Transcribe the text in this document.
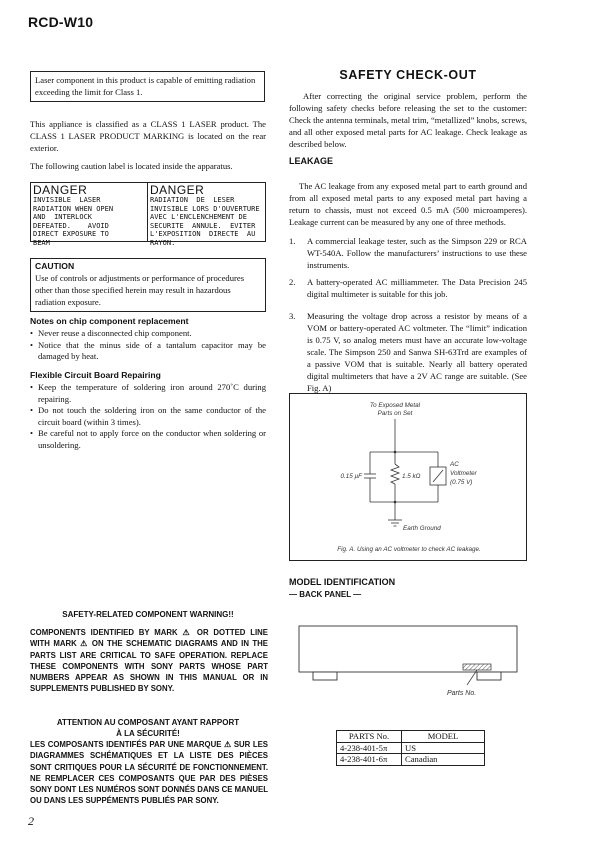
RCD-W10

Laser component in this product is capable of emitting radiation exceeding the limit for Class 1.

This appliance is classified as a CLASS 1 LASER product. The CLASS 1 LASER PRODUCT MARKING is located on the rear exterior.

The following caution label is located inside the apparatus.

DANGER
INVISIBLE  LASER
RADIATION WHEN OPEN
AND  INTERLOCK
DEFEATED.    AVOID
DIRECT EXPOSURE TO
BEAM
DANGER
RADIATION  DE  LESER
INVISIBLE LORS D'OUVERTURE
AVEC L'ENCLENCHEMENT DE
SECURITE  ANNULE.  EVITER
L'EXPOSITION  DIRECTE  AU
RAYON.
CAUTION

Use of controls or adjustments or performance of procedures other than those specified herein may result in hazardous radiation exposure.

Notes on chip component replacement
• Never reuse a disconnected chip component.
• Notice that the minus side of a tantalum capacitor may be damaged by heat.
Flexible Circuit Board Repairing
• Keep the temperature of soldering iron around 270˚C during repairing.
• Do not touch the soldering iron on the same conductor of the circuit board (within 3 times).
• Be careful not to apply force on the conductor when soldering or unsoldering.
SAFETY-RELATED COMPONENT WARNING!!

COMPONENTS IDENTIFIED BY MARK ⚠ OR DOTTED LINE WITH MARK ⚠ ON THE SCHEMATIC DIAGRAMS AND IN THE PARTS LIST ARE CRITICAL TO SAFE OPERATION. REPLACE THESE COMPONENTS WITH SONY PARTS WHOSE PART NUMBERS APPEAR AS SHOWN IN THIS MANUAL OR IN SUPPLEMENTS PUBLISHED BY SONY.

ATTENTION AU COMPOSANT AYANT RAPPORT
À LA SÉCURITÉ!

LES COMPOSANTS IDENTIFÉS PAR UNE MARQUE ⚠ SUR LES DIAGRAMMES SCHÉMATIQUES ET LA LISTE DES PIÈCES SONT CRITIQUES POUR LA SÉCURITÉ DE FONCTIONNEMENT. NE REMPLACER CES COMPOSANTS QUE PAR DES PIÈSES SONY DONT LES NUMÉROS SONT DONNÉS DANS CE MANUEL OU DANS LES SUPPÉMENTS PUBLIÉS PAR SONY.

2
SAFETY CHECK-OUT

After correcting the original service problem, perform the following safety checks before releasing the set to the customer: Check the antenna terminals, metal trim, “metallized” knobs, screws, and all other exposed metal parts for AC leakage. Check leakage as described below.

LEAKAGE

The AC leakage from any exposed metal part to earth ground and from all exposed metal parts to any exposed metal part having a return to chassis, must not exceed 0.5 mA (500 microamperes). Leakage current can be measured by any one of three methods.

1. A commercial leakage tester, such as the Simpson 229 or RCA WT-540A. Follow the manufacturers’ instructions to use these instruments.
2. A battery-operated AC milliammeter. The Data Precision 245 digital multimeter is suitable for this job.
3. Measuring the voltage drop across a resistor by means of a VOM or battery-operated AC voltmeter. The “limit” indication is 0.75 V, so analog meters must have an accurate low-voltage scale. The Simpson 250 and Sanwa SH-63Trd are examples of a passive VOM that is suitable. Nearly all battery operated digital multimeters that have a 2V AC range are suitable. (See Fig. A)
To Exposed Metal
Parts on Set
0.15 µF	1.5 kΩ
AC
Voltmeter
(0.75 V)
Earth Ground
Fig. A. Using an AC voltmeter to check AC leakage.
MODEL IDENTIFICATION
— BACK PANEL —
Parts No.
PARTS No.	MODEL
4-238-401-5π	US
4-238-401-6π	Canadian
